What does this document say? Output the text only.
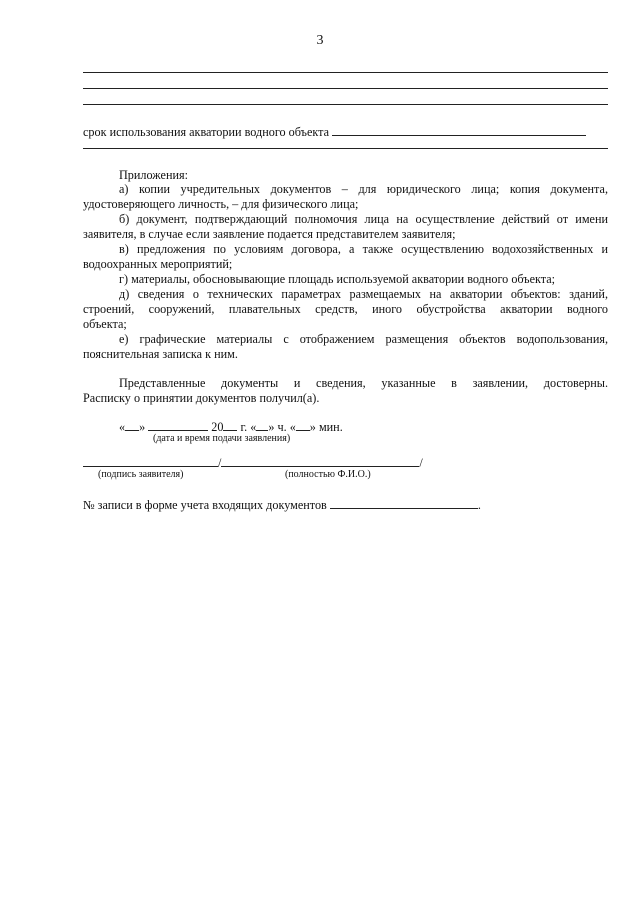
3
срок использования акватории водного объекта
Приложения:
а) копии учредительных документов – для юридического лица; копия документа,
удостоверяющего личность, – для физического лица;
б) документ, подтверждающий полномочия лица на осуществление действий от имени
заявителя, в случае если заявление подается представителем заявителя;
в) предложения по условиям договора, а также осуществлению водохозяйственных и
водоохранных мероприятий;
г) материалы, обосновывающие площадь используемой акватории водного объекта;
д) сведения о технических параметрах размещаемых на акватории объектов: зданий,
строений, сооружений, плавательных средств, иного обустройства акватории водного
объекта;
е) графические материалы с отображением размещения объектов водопользования,
пояснительная записка к ним.
Представленные документы и сведения, указанные в заявлении, достоверны.
Расписку о принятии документов получил(а).
« »	20 г. « » ч. « » мин.
(дата и время подачи заявления)
/	/
(подпись заявителя)	(полностью Ф.И.О.)
№ записи в форме учета входящих документов	.
